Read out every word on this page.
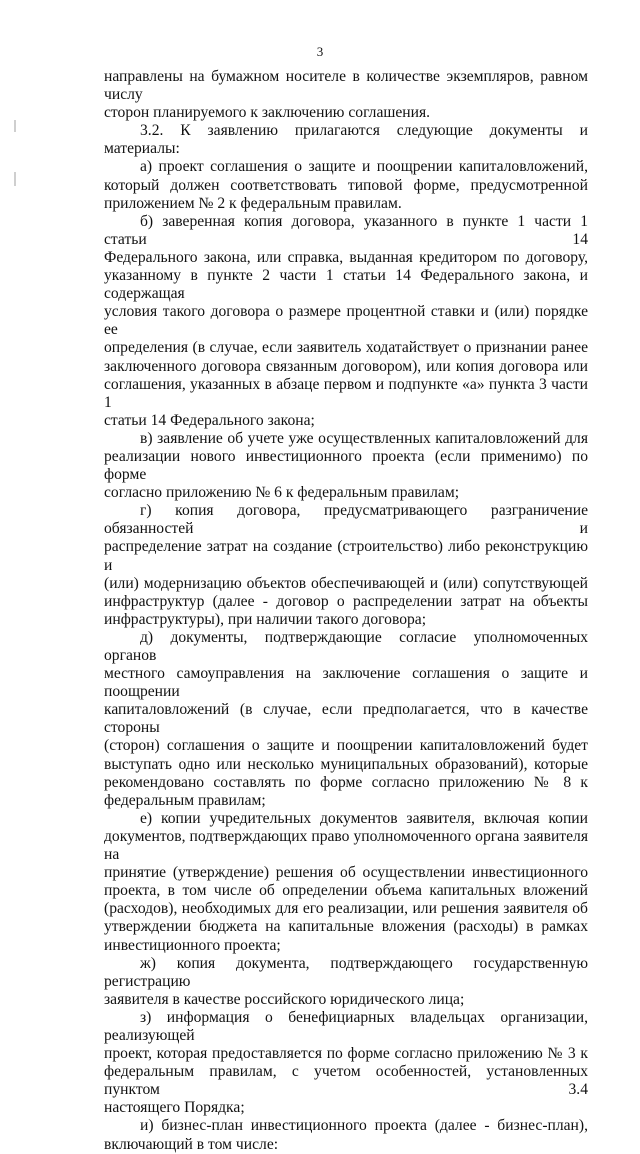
3

направлены на бумажном носителе в количестве экземпляров, равном числу

сторон планируемого к заключению соглашения.

3.2. К заявлению прилагаются следующие документы и материалы:

а) проект соглашения о защите и поощрении капиталовложений,

который должен соответствовать типовой форме, предусмотренной

приложением № 2 к федеральным правилам.

б) заверенная копия договора, указанного в пункте 1 части 1 статьи 14

Федерального закона, или справка, выданная кредитором по договору,

указанному в пункте 2 части 1 статьи 14 Федерального закона, и содержащая

условия такого договора о размере процентной ставки и (или) порядке ее

определения (в случае, если заявитель ходатайствует о признании ранее

заключенного договора связанным договором), или копия договора или

соглашения, указанных в абзаце первом и подпункте «а» пункта 3 части 1

статьи 14 Федерального закона;

в) заявление об учете уже осуществленных капиталовложений для

реализации нового инвестиционного проекта (если применимо) по форме

согласно приложению № 6 к федеральным правилам;

г) копия договора, предусматривающего разграничение обязанностей и

распределение затрат на создание (строительство) либо реконструкцию и

(или) модернизацию объектов обеспечивающей и (или) сопутствующей

инфраструктур (далее - договор о распределении затрат на объекты

инфраструктуры), при наличии такого договора;

д) документы, подтверждающие согласие уполномоченных органов

местного самоуправления на заключение соглашения о защите и поощрении

капиталовложений (в случае, если предполагается, что в качестве стороны

(сторон) соглашения о защите и поощрении капиталовложений будет

выступать одно или несколько муниципальных образований), которые

рекомендовано составлять по форме согласно приложению № 8 к

федеральным правилам;

е) копии учредительных документов заявителя, включая копии

документов, подтверждающих право уполномоченного органа заявителя на

принятие (утверждение) решения об осуществлении инвестиционного

проекта, в том числе об определении объема капитальных вложений

(расходов), необходимых для его реализации, или решения заявителя об

утверждении бюджета на капитальные вложения (расходы) в рамках

инвестиционного проекта;

ж) копия документа, подтверждающего государственную регистрацию

заявителя в качестве российского юридического лица;

з) информация о бенефициарных владельцах организации, реализующей

проект, которая предоставляется по форме согласно приложению № 3 к

федеральным правилам, с учетом особенностей, установленных пунктом 3.4

настоящего Порядка;

и) бизнес-план инвестиционного проекта (далее - бизнес-план),

включающий в том числе:
